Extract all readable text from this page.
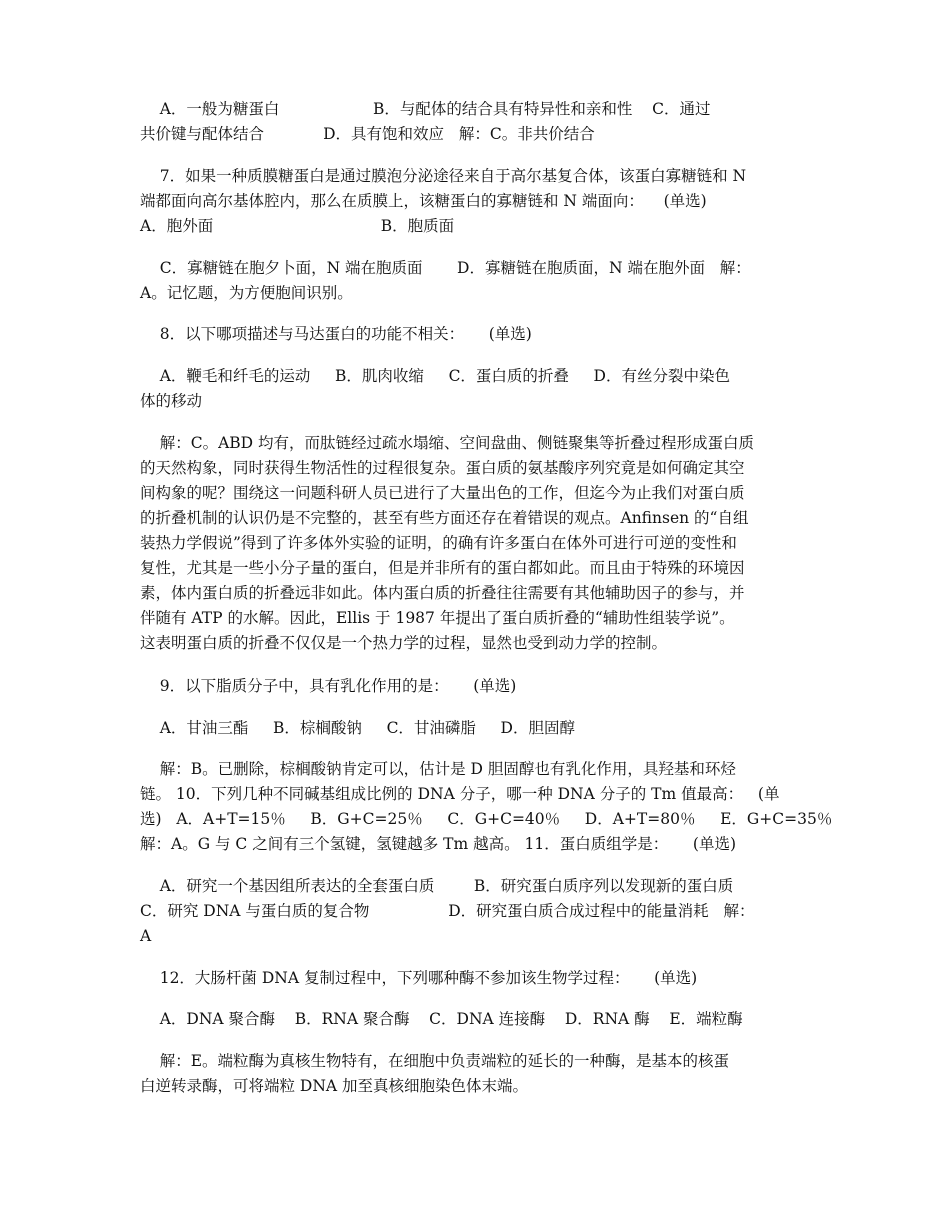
A．一般为糖蛋白                   B．与配体的结合具有特异性和亲和性    C．通过
共价键与配体结合            D．具有饱和效应   解：C。非共价结合
7．如果一种质膜糖蛋白是通过膜泡分泌途径来自于高尔基复合体，该蛋白寡糖链和 N
端都面向高尔基体腔内，那么在质膜上，该糖蛋白的寡糖链和 N 端面向：    (单选)
A．胞外面                                  B．胞质面
C．寡糖链在胞夕卜面，N 端在胞质面       D．寡糖链在胞质面，N 端在胞外面   解：
A。记忆题，为方便胞间识别。
8．以下哪项描述与马达蛋白的功能不相关：     (单选)
A．鞭毛和纤毛的运动     B．肌肉收缩     C．蛋白质的折叠     D．有丝分裂中染色
体的移动
解：C。ABD 均有，而肽链经过疏水塌缩、空间盘曲、侧链聚集等折叠过程形成蛋白质
的天然构象，同时获得生物活性的过程很复杂。蛋白质的氨基酸序列究竟是如何确定其空
间构象的呢？围绕这一问题科研人员已进行了大量出色的工作，但迄今为止我们对蛋白质
的折叠机制的认识仍是不完整的，甚至有些方面还存在着错误的观点。Anfinsen 的“自组
装热力学假说”得到了许多体外实验的证明，的确有许多蛋白在体外可进行可逆的变性和
复性，尤其是一些小分子量的蛋白，但是并非所有的蛋白都如此。而且由于特殊的环境因
素，体内蛋白质的折叠远非如此。体内蛋白质的折叠往往需要有其他辅助因子的参与，并
伴随有 ATP 的水解。因此，Ellis 于 1987 年提出了蛋白质折叠的“辅助性组装学说”。
这表明蛋白质的折叠不仅仅是一个热力学的过程，显然也受到动力学的控制。
9．以下脂质分子中，具有乳化作用的是：     (单选)
A．甘油三酯     B．棕榈酸钠     C．甘油磷脂     D．胆固醇
解：B。已删除，棕榈酸钠肯定可以，估计是 D 胆固醇也有乳化作用，具羟基和环烃
链。 10．下列几种不同碱基组成比例的 DNA 分子，哪一种 DNA 分子的 Tm 值最高：   (单
选)   A．A+T=15％     B．G+C=25％     C．G+C=40％     D．A+T=80％     E．G+C=35％
解：A。G 与 C 之间有三个氢键，氢键越多 Tm 越高。 11．蛋白质组学是：     (单选)
A．研究一个基因组所表达的全套蛋白质        B．研究蛋白质序列以发现新的蛋白质
C．研究 DNA 与蛋白质的复合物                D．研究蛋白质合成过程中的能量消耗   解：
A
12．大肠杆菌 DNA 复制过程中，下列哪种酶不参加该生物学过程：     (单选)
A．DNA 聚合酶    B．RNA 聚合酶    C．DNA 连接酶    D．RNA 酶    E．端粒酶
解：E。端粒酶为真核生物特有，在细胞中负责端粒的延长的一种酶，是基本的核蛋
白逆转录酶，可将端粒 DNA 加至真核细胞染色体末端。
